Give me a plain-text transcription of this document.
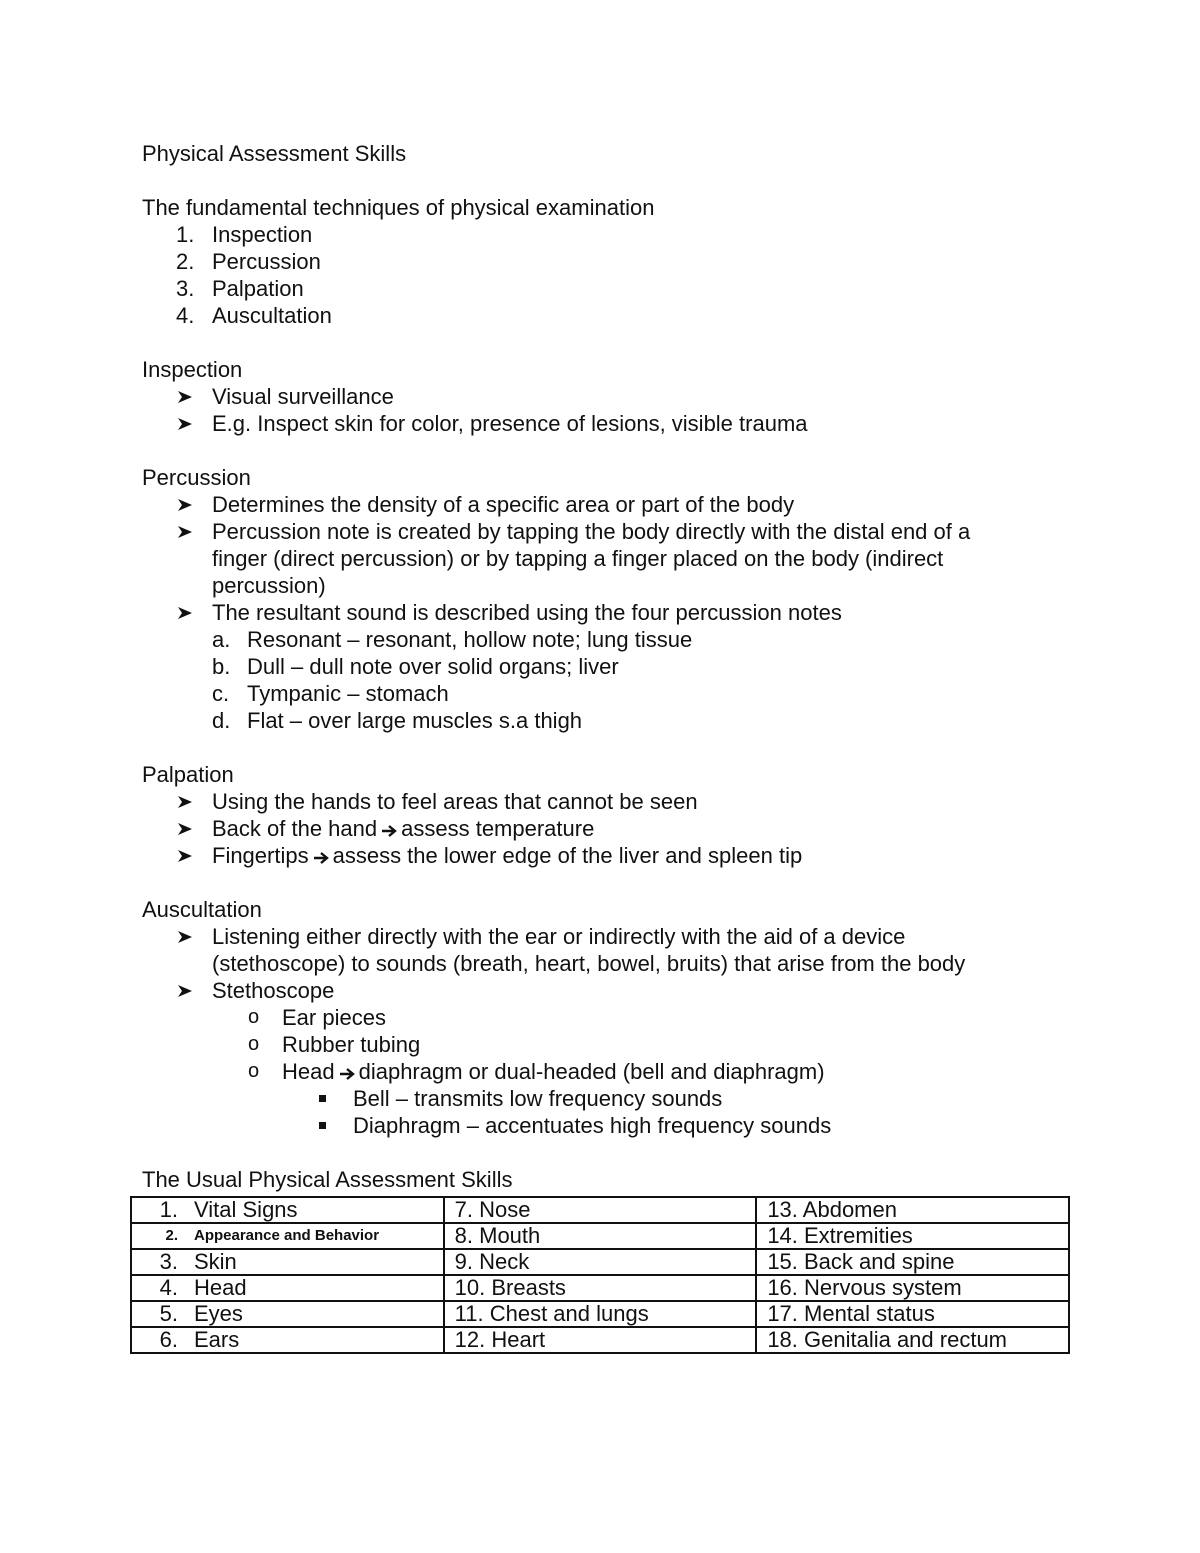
Physical Assessment Skills
The fundamental techniques of physical examination
1. Inspection
2. Percussion
3. Palpation
4. Auscultation
Inspection
Visual surveillance
E.g. Inspect skin for color, presence of lesions, visible trauma
Percussion
Determines the density of a specific area or part of the body
Percussion note is created by tapping the body directly with the distal end of a
finger (direct percussion) or by tapping a finger placed on the body (indirect
percussion)
The resultant sound is described using the four percussion notes
a. Resonant – resonant, hollow note; lung tissue
b. Dull – dull note over solid organs; liver
c. Tympanic – stomach
d. Flat – over large muscles s.a thigh
Palpation
Using the hands to feel areas that cannot be seen
Back of the hand assess temperature
Fingertips assess the lower edge of the liver and spleen tip
Auscultation
Listening either directly with the ear or indirectly with the aid of a device
(stethoscope) to sounds (breath, heart, bowel, bruits) that arise from the body
Stethoscope
o Ear pieces
o Rubber tubing
o Head diaphragm or dual-headed (bell and diaphragm)
Bell – transmits low frequency sounds
Diaphragm – accentuates high frequency sounds
The Usual Physical Assessment Skills
1. Vital Signs	7. Nose	13. Abdomen
2. Appearance and Behavior	8. Mouth	14. Extremities
3. Skin	9. Neck	15. Back and spine
4. Head	10. Breasts	16. Nervous system
5. Eyes	11. Chest and lungs	17. Mental status
6. Ears	12. Heart	18. Genitalia and rectum
